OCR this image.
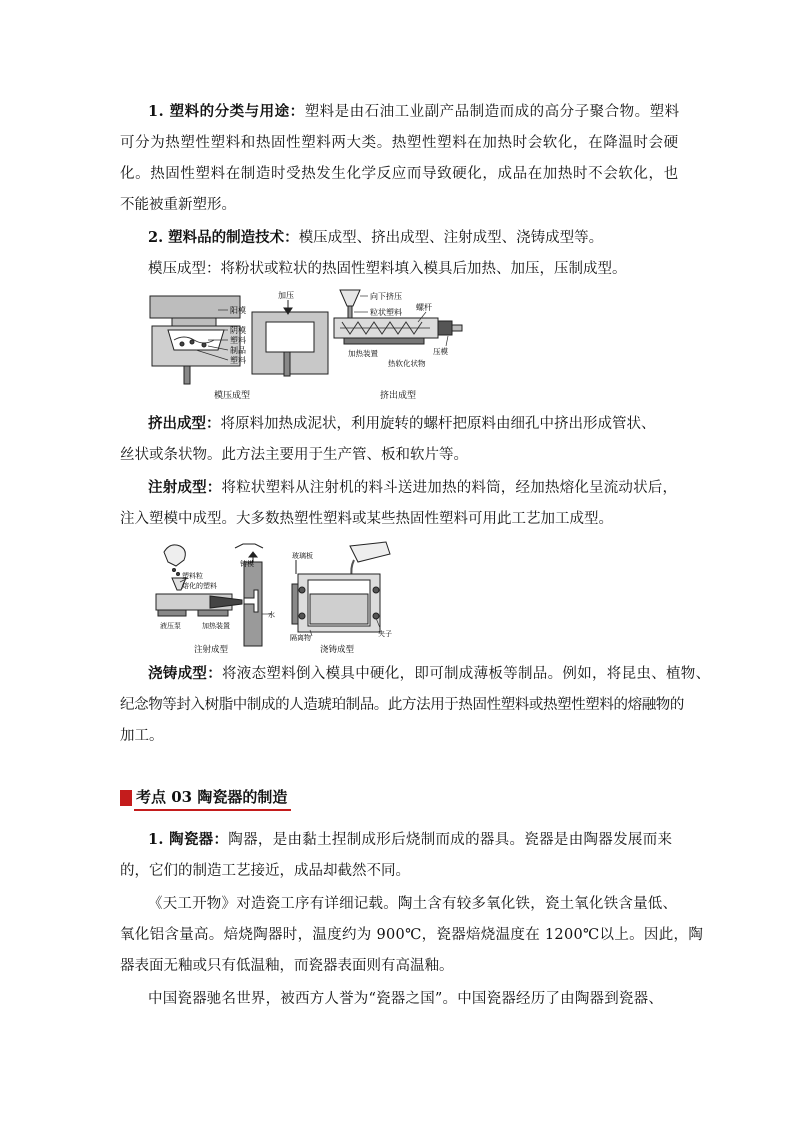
1. 塑料的分类与用途：塑料是由石油工业副产品制造而成的高分子聚合物。塑料
可分为热塑性塑料和热固性塑料两大类。热塑性塑料在加热时会软化，在降温时会硬
化。热固性塑料在制造时受热发生化学反应而导致硬化，成品在加热时不会软化，也
不能被重新塑形。
2. 塑料品的制造技术：模压成型、挤出成型、注射成型、浇铸成型等。
模压成型：将粉状或粒状的热固性塑料填入模具后加热、加压，压制成型。
阳模
阴模
塑料
制品
塑料
加压	向下挤压
粒状塑料
螺杆
加热装置	压模
热软化状物
模压成型	挤出成型
挤出成型：将原料加热成泥状，利用旋转的螺杆把原料由细孔中挤出形成管状、
丝状或条状物。此方法主要用于生产管、板和软片等。
注射成型：将粒状塑料从注射机的料斗送进加热的料筒，经加热熔化呈流动状后，
注入塑模中成型。大多数热塑性塑料或某些热固性塑料可用此工艺加工成型。
塑料粒
熔化的塑料
铸模
水
液压泵	加热装置
玻璃板
隔离物	夹子
注射成型	浇铸成型
浇铸成型：将液态塑料倒入模具中硬化，即可制成薄板等制品。例如，将昆虫、植物、
纪念物等封入树脂中制成的人造琥珀制品。此方法用于热固性塑料或热塑性塑料的熔融物的
加工。
考点 03 陶瓷器的制造
1. 陶瓷器：陶器，是由黏土捏制成形后烧制而成的器具。瓷器是由陶器发展而来
的，它们的制造工艺接近，成品却截然不同。
《天工开物》对造瓷工序有详细记载。陶土含有较多氧化铁，瓷土氧化铁含量低、
氧化铝含量高。焙烧陶器时，温度约为 900℃，瓷器焙烧温度在 1200℃以上。因此，陶
器表面无釉或只有低温釉，而瓷器表面则有高温釉。
中国瓷器驰名世界，被西方人誉为“瓷器之国”。中国瓷器经历了由陶器到瓷器、
